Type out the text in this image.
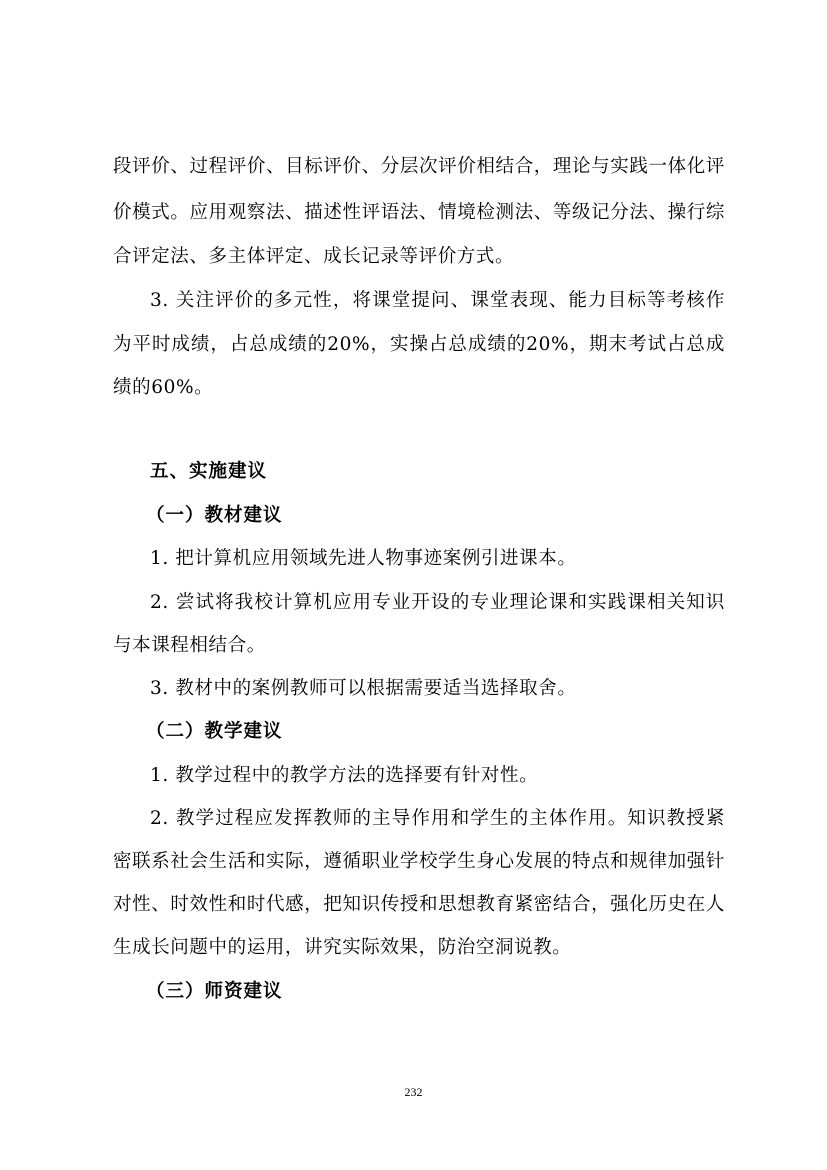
段评价、过程评价、目标评价、分层次评价相结合，理论与实践一体化评
价模式。应用观察法、描述性评语法、情境检测法、等级记分法、操行综
合评定法、多主体评定、成长记录等评价方式。
3. 关注评价的多元性，将课堂提问、课堂表现、能力目标等考核作
为平时成绩，占总成绩的20%，实操占总成绩的20%，期末考试占总成
绩的60%。
五、实施建议
（一）教材建议
1. 把计算机应用领域先进人物事迹案例引进课本。
2. 尝试将我校计算机应用专业开设的专业理论课和实践课相关知识
与本课程相结合。
3. 教材中的案例教师可以根据需要适当选择取舍。
（二）教学建议
1. 教学过程中的教学方法的选择要有针对性。
2. 教学过程应发挥教师的主导作用和学生的主体作用。知识教授紧
密联系社会生活和实际，遵循职业学校学生身心发展的特点和规律加强针
对性、时效性和时代感，把知识传授和思想教育紧密结合，强化历史在人
生成长问题中的运用，讲究实际效果，防治空洞说教。
（三）师资建议
232
